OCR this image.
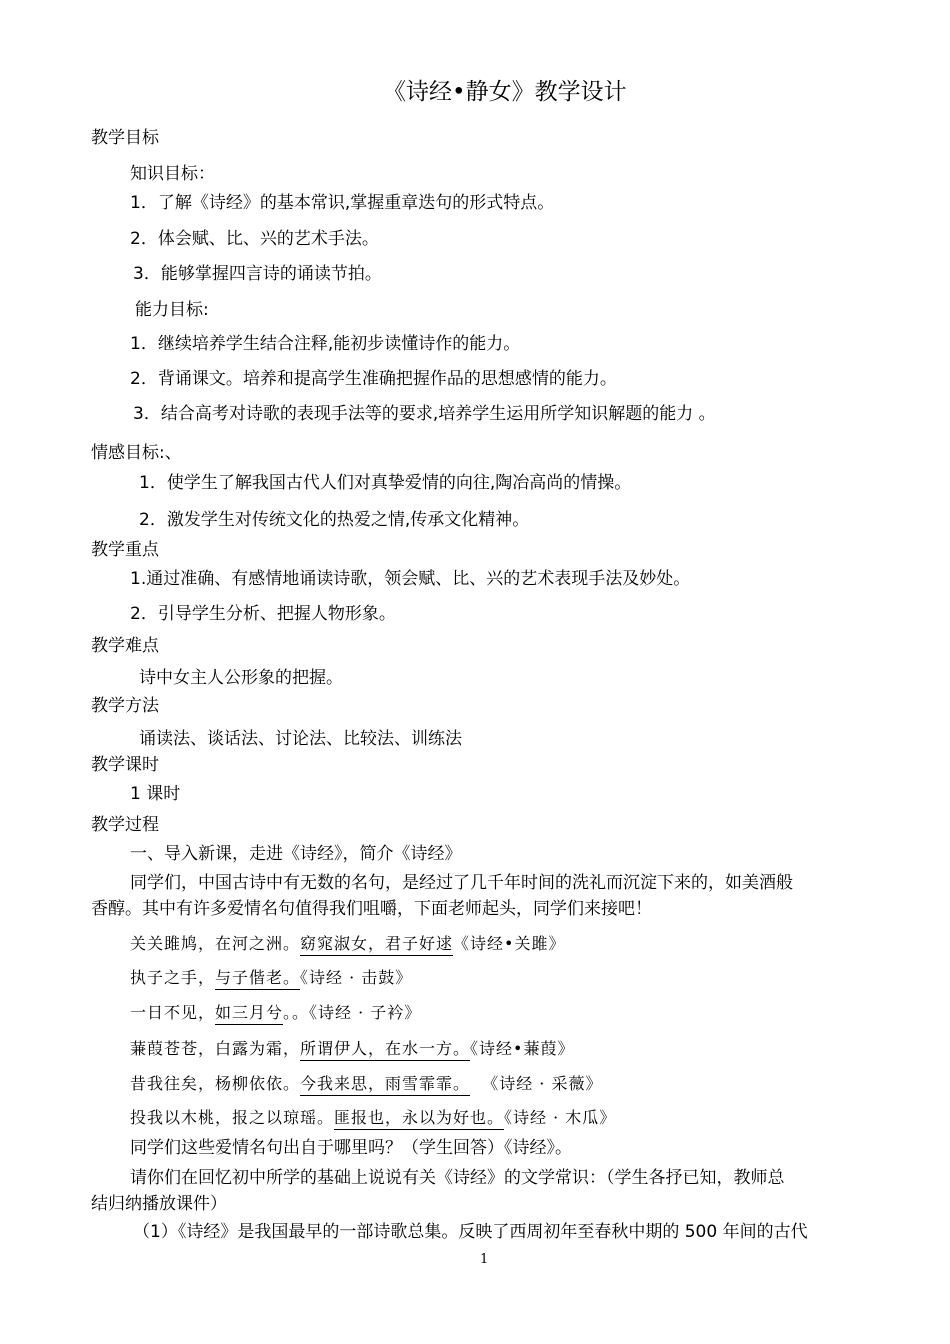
《诗经•静女》教学设计
教学目标
知识目标：
1．了解《诗经》的基本常识,掌握重章迭句的形式特点。
2．体会赋、比、兴的艺术手法。
3．能够掌握四言诗的诵读节拍。
能力目标:
1．继续培养学生结合注释,能初步读懂诗作的能力。
2．背诵课文。培养和提高学生准确把握作品的思想感情的能力。
3．结合高考对诗歌的表现手法等的要求,培养学生运用所学知识解题的能力 。
情感目标:、
1．使学生了解我国古代人们对真挚爱情的向往,陶冶高尚的情操。
2．激发学生对传统文化的热爱之情,传承文化精神。
教学重点
1.通过准确、有感情地诵读诗歌，领会赋、比、兴的艺术表现手法及妙处。
2．引导学生分析、把握人物形象。
教学难点
诗中女主人公形象的把握。
教学方法
诵读法、谈话法、讨论法、比较法、训练法
教学课时
1 课时
教学过程
一、导入新课，走进《诗经》，简介《诗经》
同学们，中国古诗中有无数的名句，是经过了几千年时间的洗礼而沉淀下来的，如美酒般
香醇。其中有许多爱情名句值得我们咀嚼，下面老师起头，同学们来接吧！
关关雎鸠，在河之洲。窈窕淑女，君子好逑《诗经•关雎》
执子之手，与子偕老。《诗经 · 击鼓》
一日不见，如三月兮。。《诗经 · 子衿》
蒹葭苍苍，白露为霜，所谓伊人，在水一方。《诗经•蒹葭》
昔我往矣，杨柳依依。今我来思，雨雪霏霏。  《诗经 · 采薇》
投我以木桃，报之以琼瑶。匪报也，永以为好也。《诗经 · 木瓜》
同学们这些爱情名句出自于哪里吗？（学生回答）《诗经》。
请你们在回忆初中所学的基础上说说有关《诗经》的文学常识：（学生各抒已知，教师总
结归纳播放课件）
（1）《诗经》是我国最早的一部诗歌总集。反映了西周初年至春秋中期的 500 年间的古代
1
